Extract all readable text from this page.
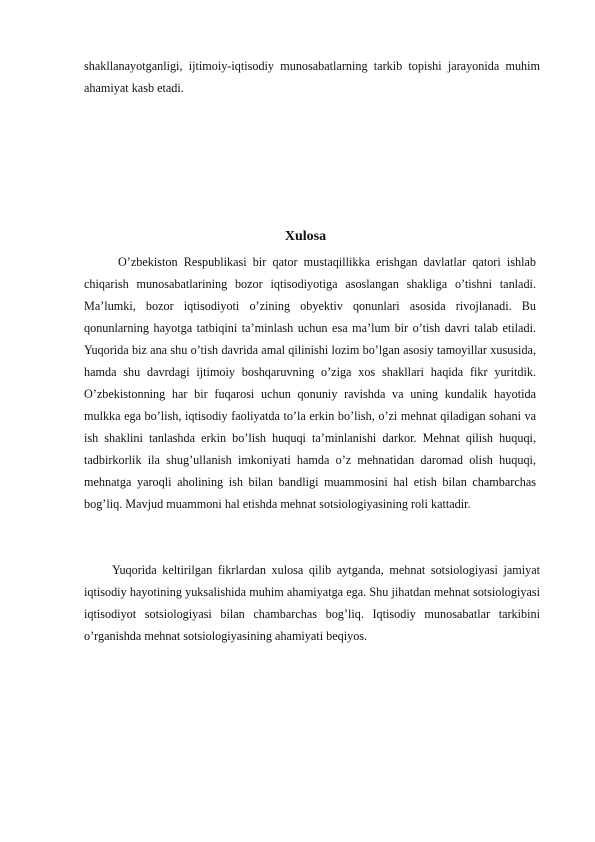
shakllanayotganligi, ijtimoiy-iqtisodiy munosabatlarning tarkib topishi jarayonida muhim ahamiyat kasb etadi.

Xulosa

O’zbekiston Respublikasi bir qator mustaqillikka erishgan davlatlar qatori ishlab chiqarish munosabatlarining bozor iqtisodiyotiga asoslangan shakliga o’tishni tanladi. Ma’lumki, bozor iqtisodiyoti o’zining obyektiv qonunlari asosida rivojlanadi. Bu qonunlarning hayotga tatbiqini ta’minlash uchun esa ma’lum bir o’tish davri talab etiladi. Yuqorida biz ana shu o’tish davrida amal qilinishi lozim bo’lgan asosiy tamoyillar xususida, hamda shu davrdagi ijtimoiy boshqaruvning o’ziga xos shakllari haqida fikr yuritdik. O’zbekistonning har bir fuqarosi uchun qonuniy ravishda va uning kundalik hayotida mulkka ega bo’lish, iqtisodiy faoliyatda to’la erkin bo’lish, o’zi mehnat qiladigan sohani va ish shaklini tanlashda erkin bo’lish huquqi ta’minlanishi darkor. Mehnat qilish huquqi, tadbirkorlik ila shug’ullanish imkoniyati hamda o’z mehnatidan daromad olish huquqi, mehnatga yaroqli aholining ish bilan bandligi muammosini hal etish bilan chambarchas bog’liq. Mavjud muammoni hal etishda mehnat sotsiologiyasining roli kattadir.

Yuqorida keltirilgan fikrlardan xulosa qilib aytganda, mehnat sotsiologiyasi jamiyat iqtisodiy hayotining yuksalishida muhim ahamiyatga ega. Shu jihatdan mehnat sotsiologiyasi iqtisodiyot sotsiologiyasi bilan chambarchas bog’liq. Iqtisodiy munosabatlar tarkibini o’rganishda mehnat sotsiologiyasining ahamiyati beqiyos.
